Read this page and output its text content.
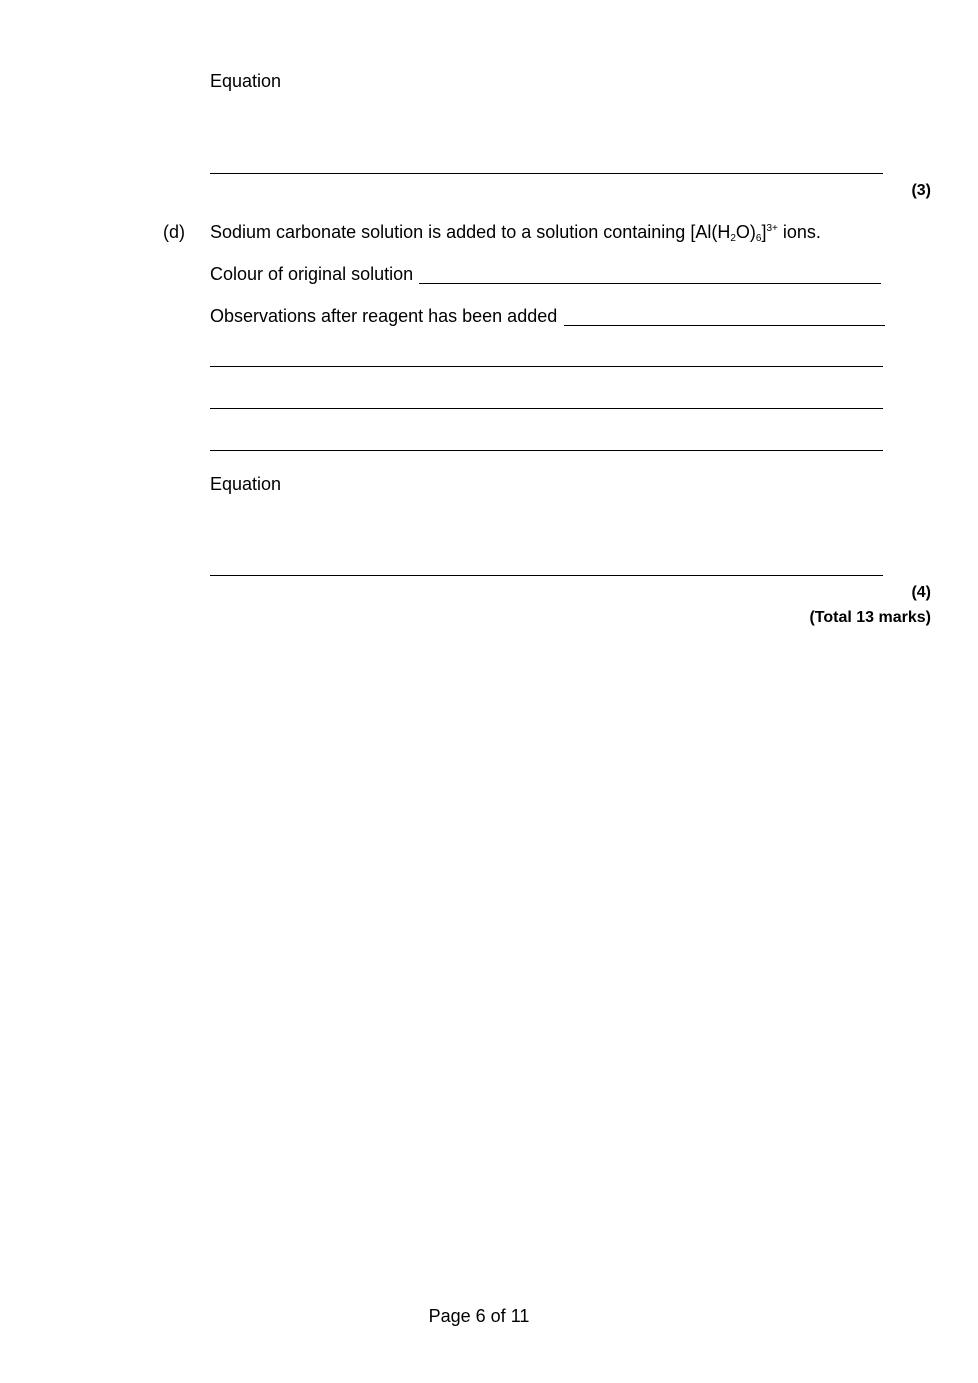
Equation
(3)
(d) Sodium carbonate solution is added to a solution containing $[Al(H_2O)_6]^{3+}$ ions.
Colour of original solution
Observations after reagent has been added
Equation
(4)
(Total 13 marks)
Page 6 of 11
